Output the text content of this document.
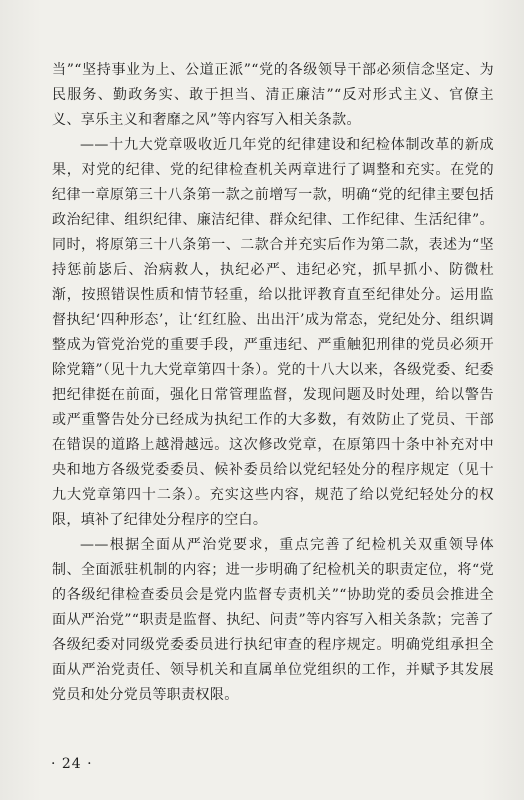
当”“坚持事业为上、公道正派”“党的各级领导干部必须信念坚定、为民服务、勤政务实、敢于担当、清正廉洁”“反对形式主义、官僚主义、享乐主义和奢靡之风”等内容写入相关条款。

——十九大党章吸收近几年党的纪律建设和纪检体制改革的新成果，对党的纪律、党的纪律检查机关两章进行了调整和充实。在党的纪律一章原第三十八条第一款之前增写一款，明确“党的纪律主要包括政治纪律、组织纪律、廉洁纪律、群众纪律、工作纪律、生活纪律”。同时，将原第三十八条第一、二款合并充实后作为第二款，表述为“坚持惩前毖后、治病救人，执纪必严、违纪必究，抓早抓小、防微杜渐，按照错误性质和情节轻重，给以批评教育直至纪律处分。运用监督执纪‘四种形态’，让‘红红脸、出出汗’成为常态，党纪处分、组织调整成为管党治党的重要手段，严重违纪、严重触犯刑律的党员必须开除党籍”（见十九大党章第四十条）。党的十八大以来，各级党委、纪委把纪律挺在前面，强化日常管理监督，发现问题及时处理，给以警告或严重警告处分已经成为执纪工作的大多数，有效防止了党员、干部在错误的道路上越滑越远。这次修改党章，在原第四十条中补充对中央和地方各级党委委员、候补委员给以党纪轻处分的程序规定（见十九大党章第四十二条）。充实这些内容，规范了给以党纪轻处分的权限，填补了纪律处分程序的空白。

——根据全面从严治党要求，重点完善了纪检机关双重领导体制、全面派驻机制的内容；进一步明确了纪检机关的职责定位，将“党的各级纪律检查委员会是党内监督专责机关”“协助党的委员会推进全面从严治党”“职责是监督、执纪、问责”等内容写入相关条款；完善了各级纪委对同级党委委员进行执纪审查的程序规定。明确党组承担全面从严治党责任、领导机关和直属单位党组织的工作，并赋予其发展党员和处分党员等职责权限。

· 24 ·
